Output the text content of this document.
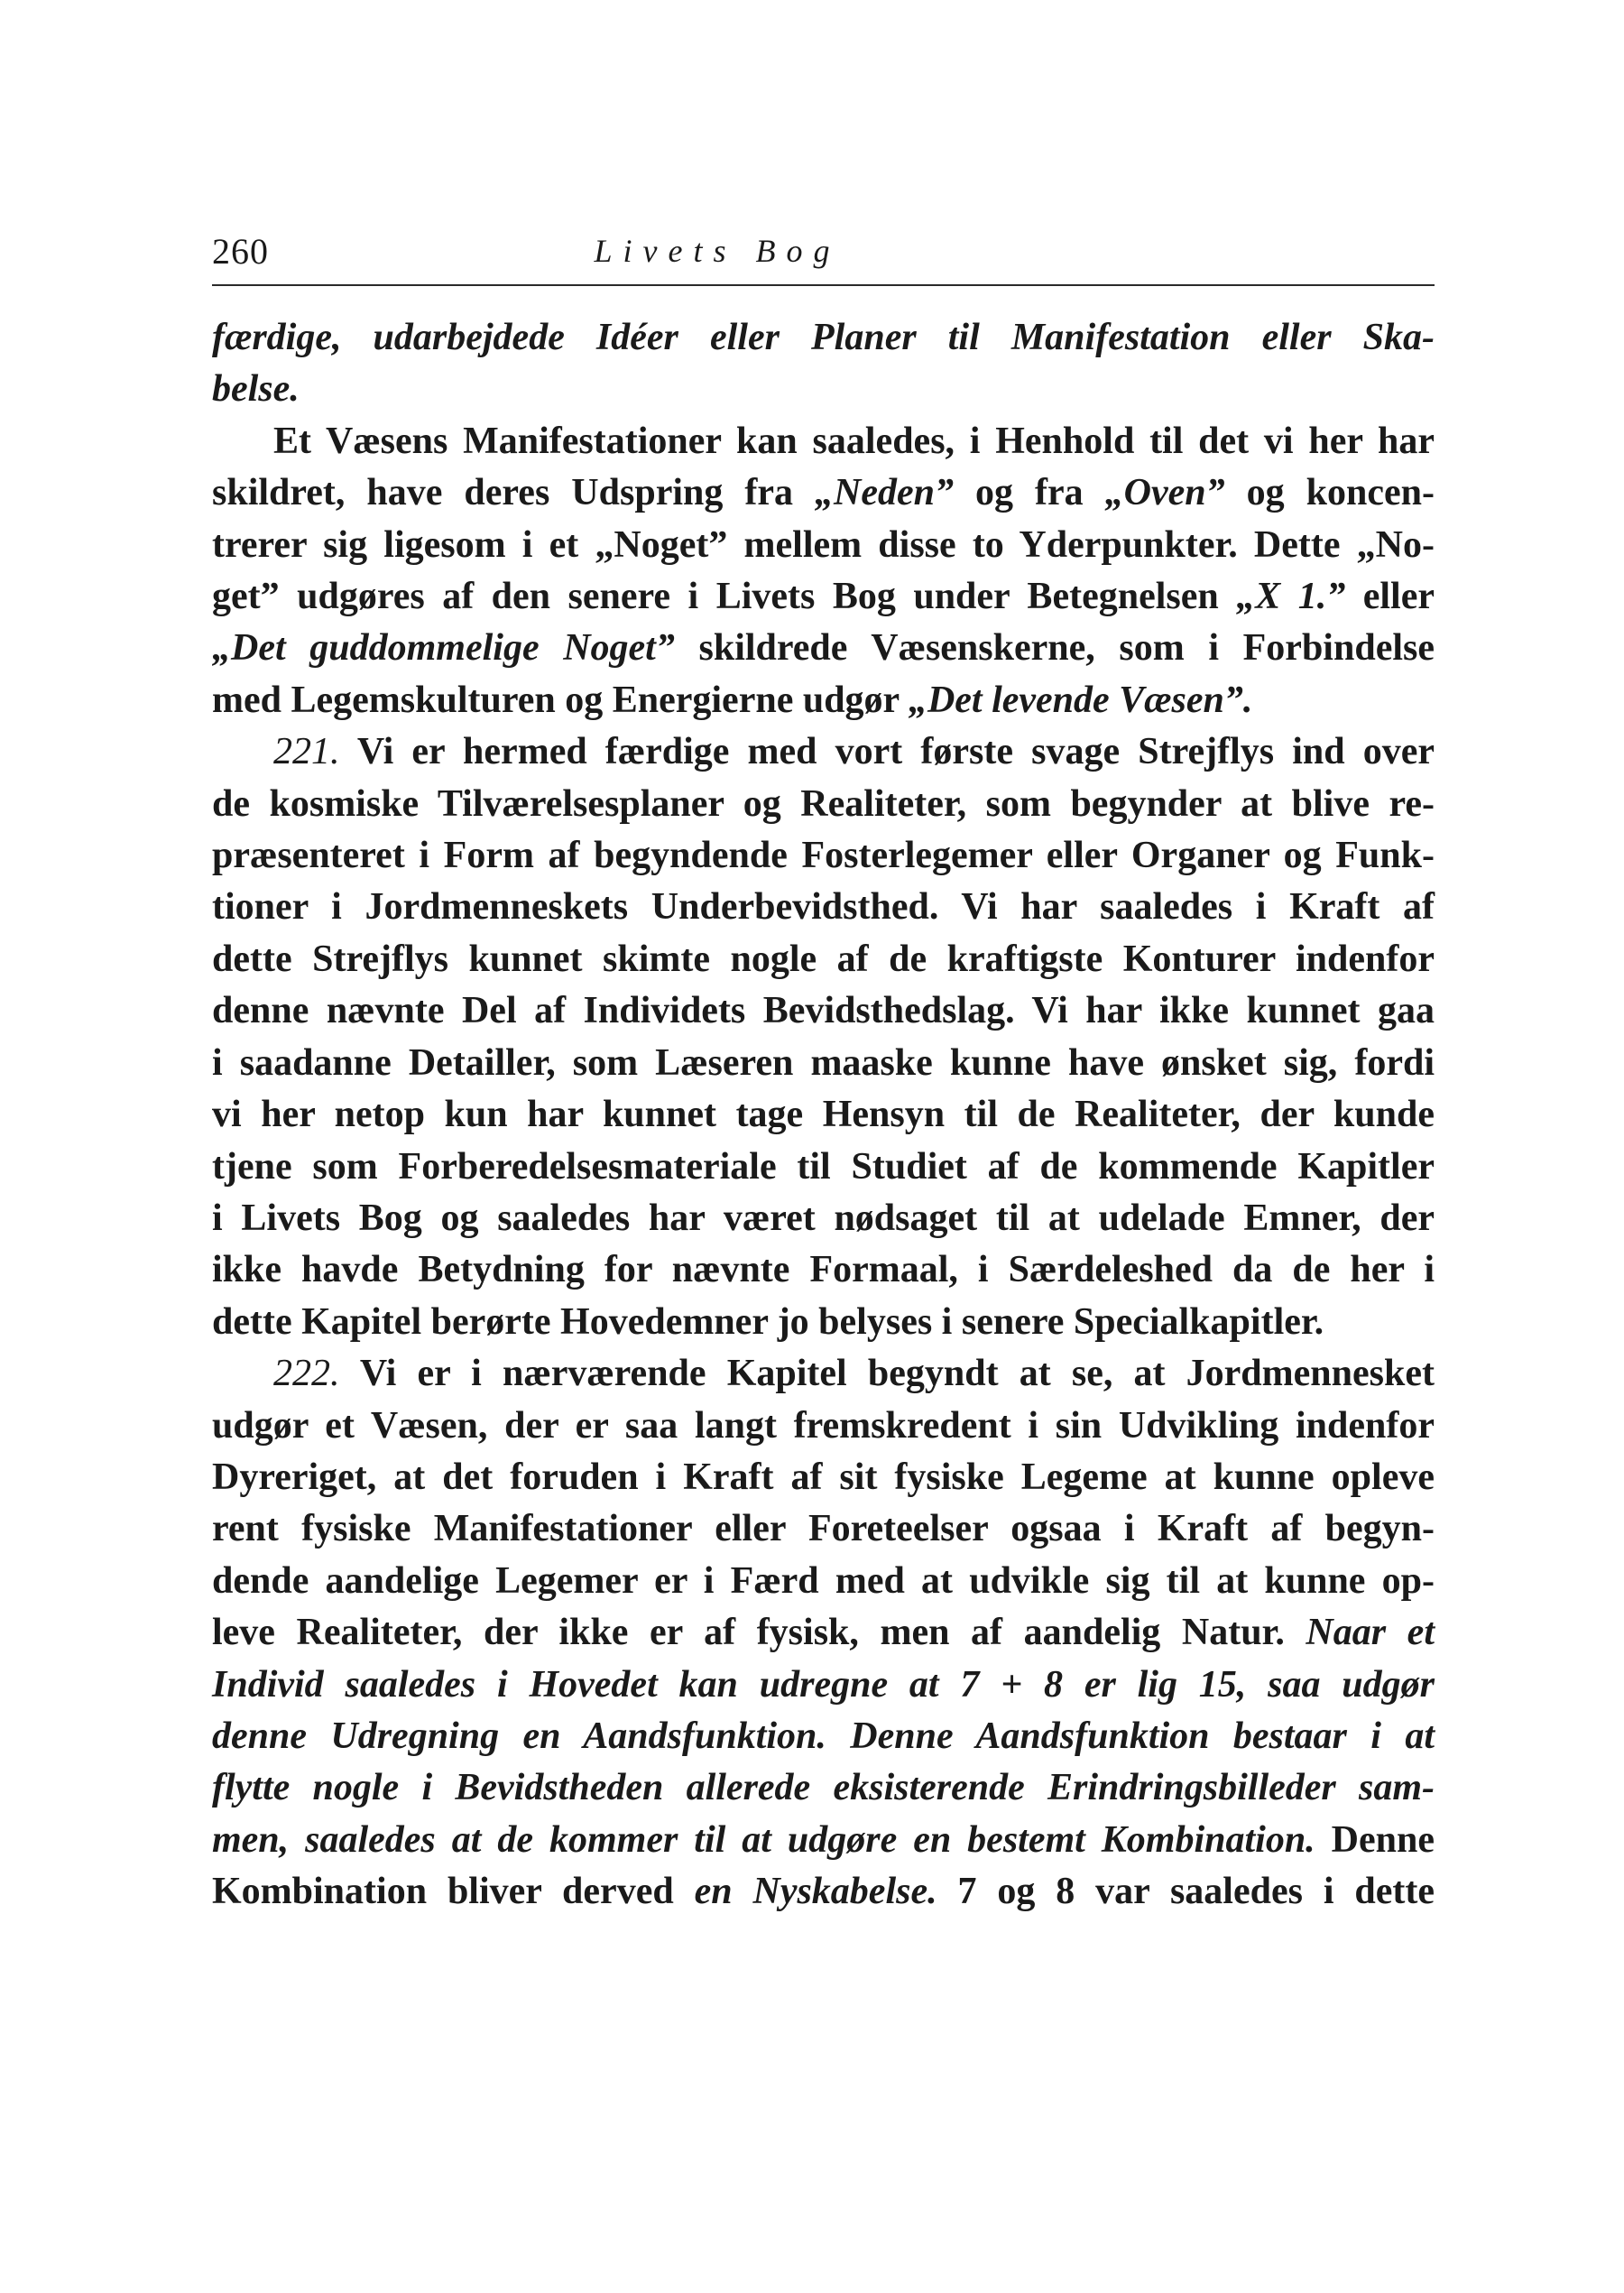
260	Livets Bog
færdige, udarbejdede Idéer eller Planer til Manifestation eller Ska-
belse.
Et Væsens Manifestationer kan saaledes, i Henhold til det vi her har
skildret, have deres Udspring fra „Neden” og fra „Oven” og koncen-
trerer sig ligesom i et „Noget” mellem disse to Yderpunkter. Dette „No-
get” udgøres af den senere i Livets Bog under Betegnelsen „X 1.” eller
„Det guddommelige Noget” skildrede Væsenskerne, som i Forbindelse
med Legemskulturen og Energierne udgør „Det levende Væsen”.
221. Vi er hermed færdige med vort første svage Strejflys ind over
de kosmiske Tilværelsesplaner og Realiteter, som begynder at blive re-
præsenteret i Form af begyndende Fosterlegemer eller Organer og Funk-
tioner i Jordmenneskets Underbevidsthed. Vi har saaledes i Kraft af
dette Strejflys kunnet skimte nogle af de kraftigste Konturer indenfor
denne nævnte Del af Individets Bevidsthedslag. Vi har ikke kunnet gaa
i saadanne Detailler, som Læseren maaske kunne have ønsket sig, fordi
vi her netop kun har kunnet tage Hensyn til de Realiteter, der kunde
tjene som Forberedelsesmateriale til Studiet af de kommende Kapitler
i Livets Bog og saaledes har været nødsaget til at udelade Emner, der
ikke havde Betydning for nævnte Formaal, i Særdeleshed da de her i
dette Kapitel berørte Hovedemner jo belyses i senere Specialkapitler.
222. Vi er i nærværende Kapitel begyndt at se, at Jordmennesket
udgør et Væsen, der er saa langt fremskredent i sin Udvikling indenfor
Dyreriget, at det foruden i Kraft af sit fysiske Legeme at kunne opleve
rent fysiske Manifestationer eller Foreteelser ogsaa i Kraft af begyn-
dende aandelige Legemer er i Færd med at udvikle sig til at kunne op-
leve Realiteter, der ikke er af fysisk, men af aandelig Natur. Naar et
Individ saaledes i Hovedet kan udregne at 7 + 8 er lig 15, saa udgør
denne Udregning en Aandsfunktion. Denne Aandsfunktion bestaar i at
flytte nogle i Bevidstheden allerede eksisterende Erindringsbilleder sam-
men, saaledes at de kommer til at udgøre en bestemt Kombination. Denne
Kombination bliver derved en Nyskabelse. 7 og 8 var saaledes i dette
